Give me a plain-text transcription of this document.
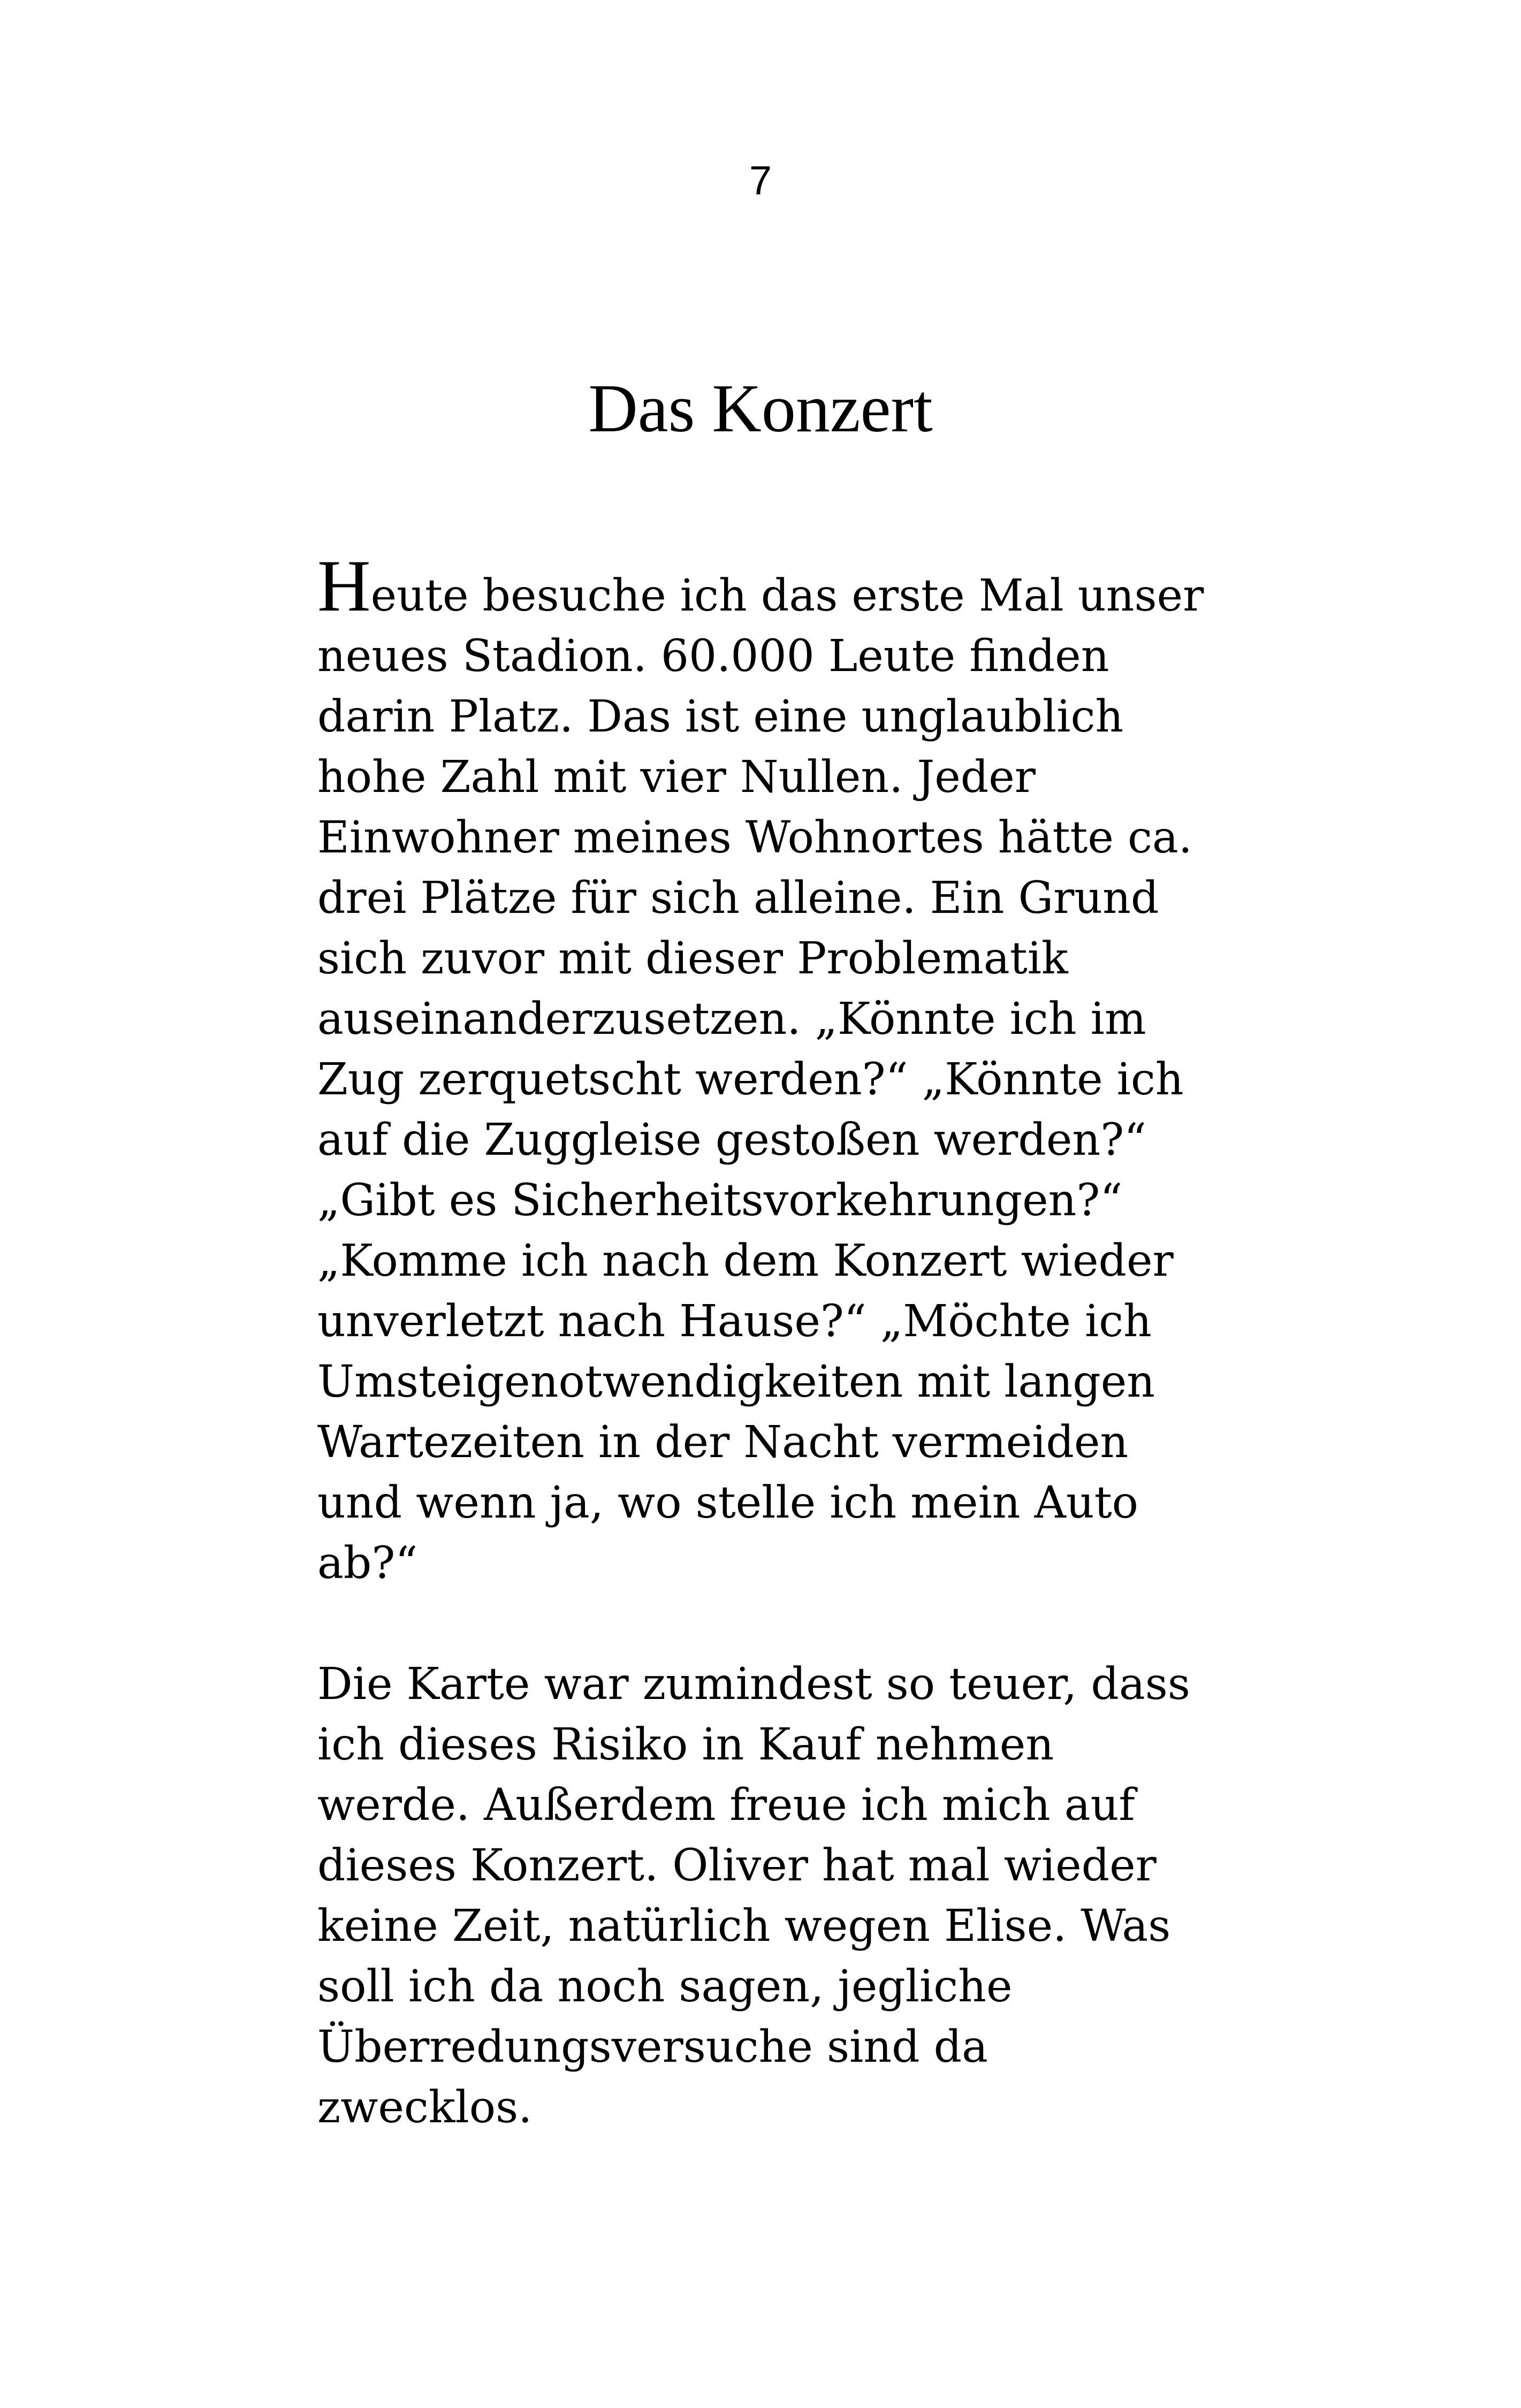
7
Das Konzert
Heute besuche ich das erste Mal unser
neues Stadion. 60.000 Leute finden
darin Platz. Das ist eine unglaublich
hohe Zahl mit vier Nullen. Jeder
Einwohner meines Wohnortes hätte ca.
drei Plätze für sich alleine. Ein Grund
sich zuvor mit dieser Problematik
auseinanderzusetzen. „Könnte ich im
Zug zerquetscht werden?“ „Könnte ich
auf die Zuggleise gestoßen werden?“
„Gibt es Sicherheitsvorkehrungen?“
„Komme ich nach dem Konzert wieder
unverletzt nach Hause?“ „Möchte ich
Umsteigenotwendigkeiten mit langen
Wartezeiten in der Nacht vermeiden
und wenn ja, wo stelle ich mein Auto
ab?“
Die Karte war zumindest so teuer, dass
ich dieses Risiko in Kauf nehmen
werde. Außerdem freue ich mich auf
dieses Konzert. Oliver hat mal wieder
keine Zeit, natürlich wegen Elise. Was
soll ich da noch sagen, jegliche
Überredungsversuche sind da
zwecklos.
